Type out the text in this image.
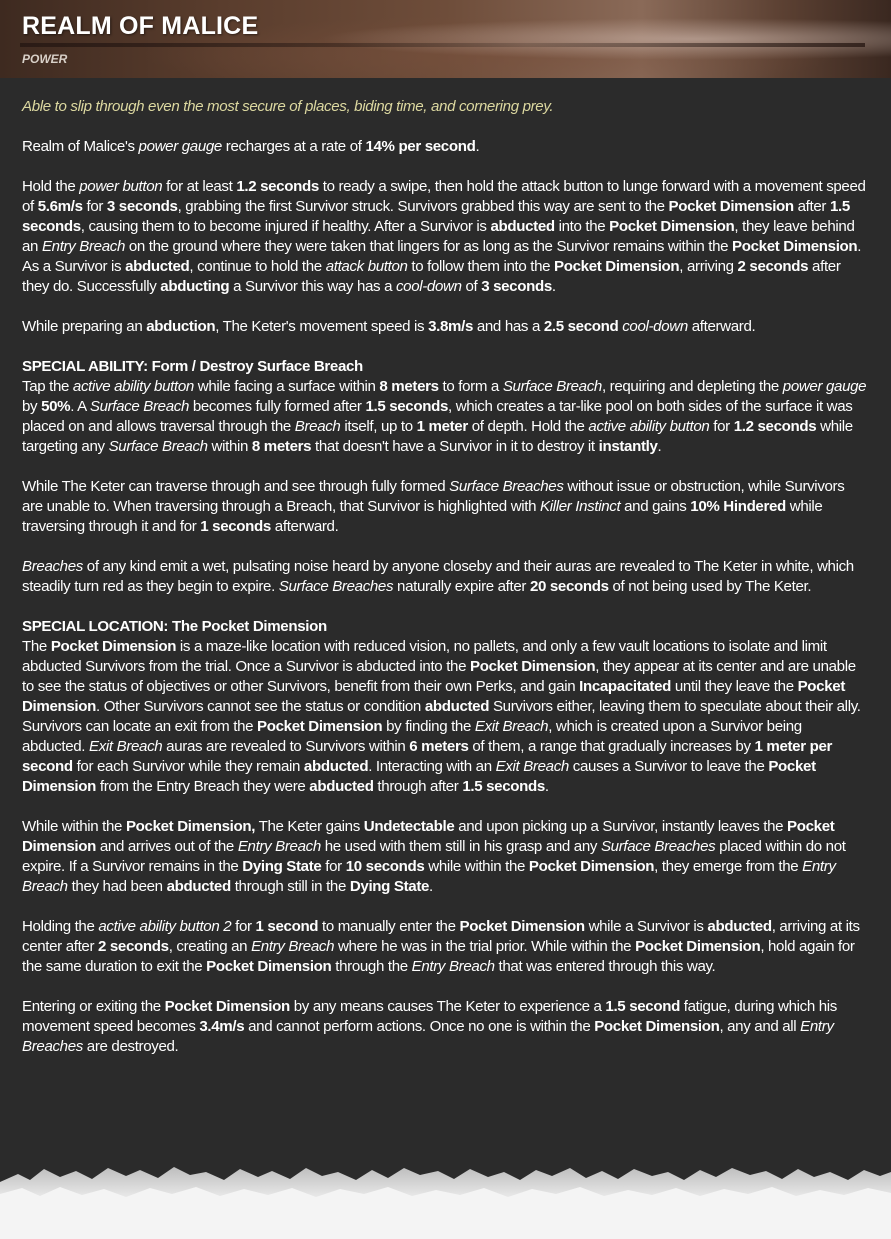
REALM OF MALICE
POWER

Able to slip through even the most secure of places, biding time, and cornering prey.

Realm of Malice's power gauge recharges at a rate of 14% per second.

Hold the power button for at least 1.2 seconds to ready a swipe, then hold the attack button to lunge forward with a movement speed of 5.6m/s for 3 seconds, grabbing the first Survivor struck. Survivors grabbed this way are sent to the Pocket Dimension after 1.5 seconds, causing them to to become injured if healthy. After a Survivor is abducted into the Pocket Dimension, they leave behind an Entry Breach on the ground where they were taken that lingers for as long as the Survivor remains within the Pocket Dimension. As a Survivor is abducted, continue to hold the attack button to follow them into the Pocket Dimension, arriving 2 seconds after they do. Successfully abducting a Survivor this way has a cool-down of 3 seconds.

While preparing an abduction, The Keter's movement speed is 3.8m/s and has a 2.5 second cool-down afterward.

SPECIAL ABILITY: Form / Destroy Surface Breach

Tap the active ability button while facing a surface within 8 meters to form a Surface Breach, requiring and depleting the power gauge by 50%. A Surface Breach becomes fully formed after 1.5 seconds, which creates a tar-like pool on both sides of the surface it was placed on and allows traversal through the Breach itself, up to 1 meter of depth. Hold the active ability button for 1.2 seconds while targeting any Surface Breach within 8 meters that doesn't have a Survivor in it to destroy it instantly.

While The Keter can traverse through and see through fully formed Surface Breaches without issue or obstruction, while Survivors are unable to. When traversing through a Breach, that Survivor is highlighted with Killer Instinct and gains 10% Hindered while traversing through it and for 1 seconds afterward.

Breaches of any kind emit a wet, pulsating noise heard by anyone closeby and their auras are revealed to The Keter in white, which steadily turn red as they begin to expire. Surface Breaches naturally expire after 20 seconds of not being used by The Keter.

SPECIAL LOCATION: The Pocket Dimension

The Pocket Dimension is a maze-like location with reduced vision, no pallets, and only a few vault locations to isolate and limit abducted Survivors from the trial. Once a Survivor is abducted into the Pocket Dimension, they appear at its center and are unable to see the status of objectives or other Survivors, benefit from their own Perks, and gain Incapacitated until they leave the Pocket Dimension. Other Survivors cannot see the status or condition abducted Survivors either, leaving them to speculate about their ally. Survivors can locate an exit from the Pocket Dimension by finding the Exit Breach, which is created upon a Survivor being abducted. Exit Breach auras are revealed to Survivors within 6 meters of them, a range that gradually increases by 1 meter per second for each Survivor while they remain abducted. Interacting with an Exit Breach causes a Survivor to leave the Pocket Dimension from the Entry Breach they were abducted through after 1.5 seconds.

While within the Pocket Dimension, The Keter gains Undetectable and upon picking up a Survivor, instantly leaves the Pocket Dimension and arrives out of the Entry Breach he used with them still in his grasp and any Surface Breaches placed within do not expire. If a Survivor remains in the Dying State for 10 seconds while within the Pocket Dimension, they emerge from the Entry Breach they had been abducted through still in the Dying State.

Holding the active ability button 2 for 1 second to manually enter the Pocket Dimension while a Survivor is abducted, arriving at its center after 2 seconds, creating an Entry Breach where he was in the trial prior. While within the Pocket Dimension, hold again for the same duration to exit the Pocket Dimension through the Entry Breach that was entered through this way.

Entering or exiting the Pocket Dimension by any means causes The Keter to experience a 1.5 second fatigue, during which his movement speed becomes 3.4m/s and cannot perform actions. Once no one is within the Pocket Dimension, any and all Entry Breaches are destroyed.
